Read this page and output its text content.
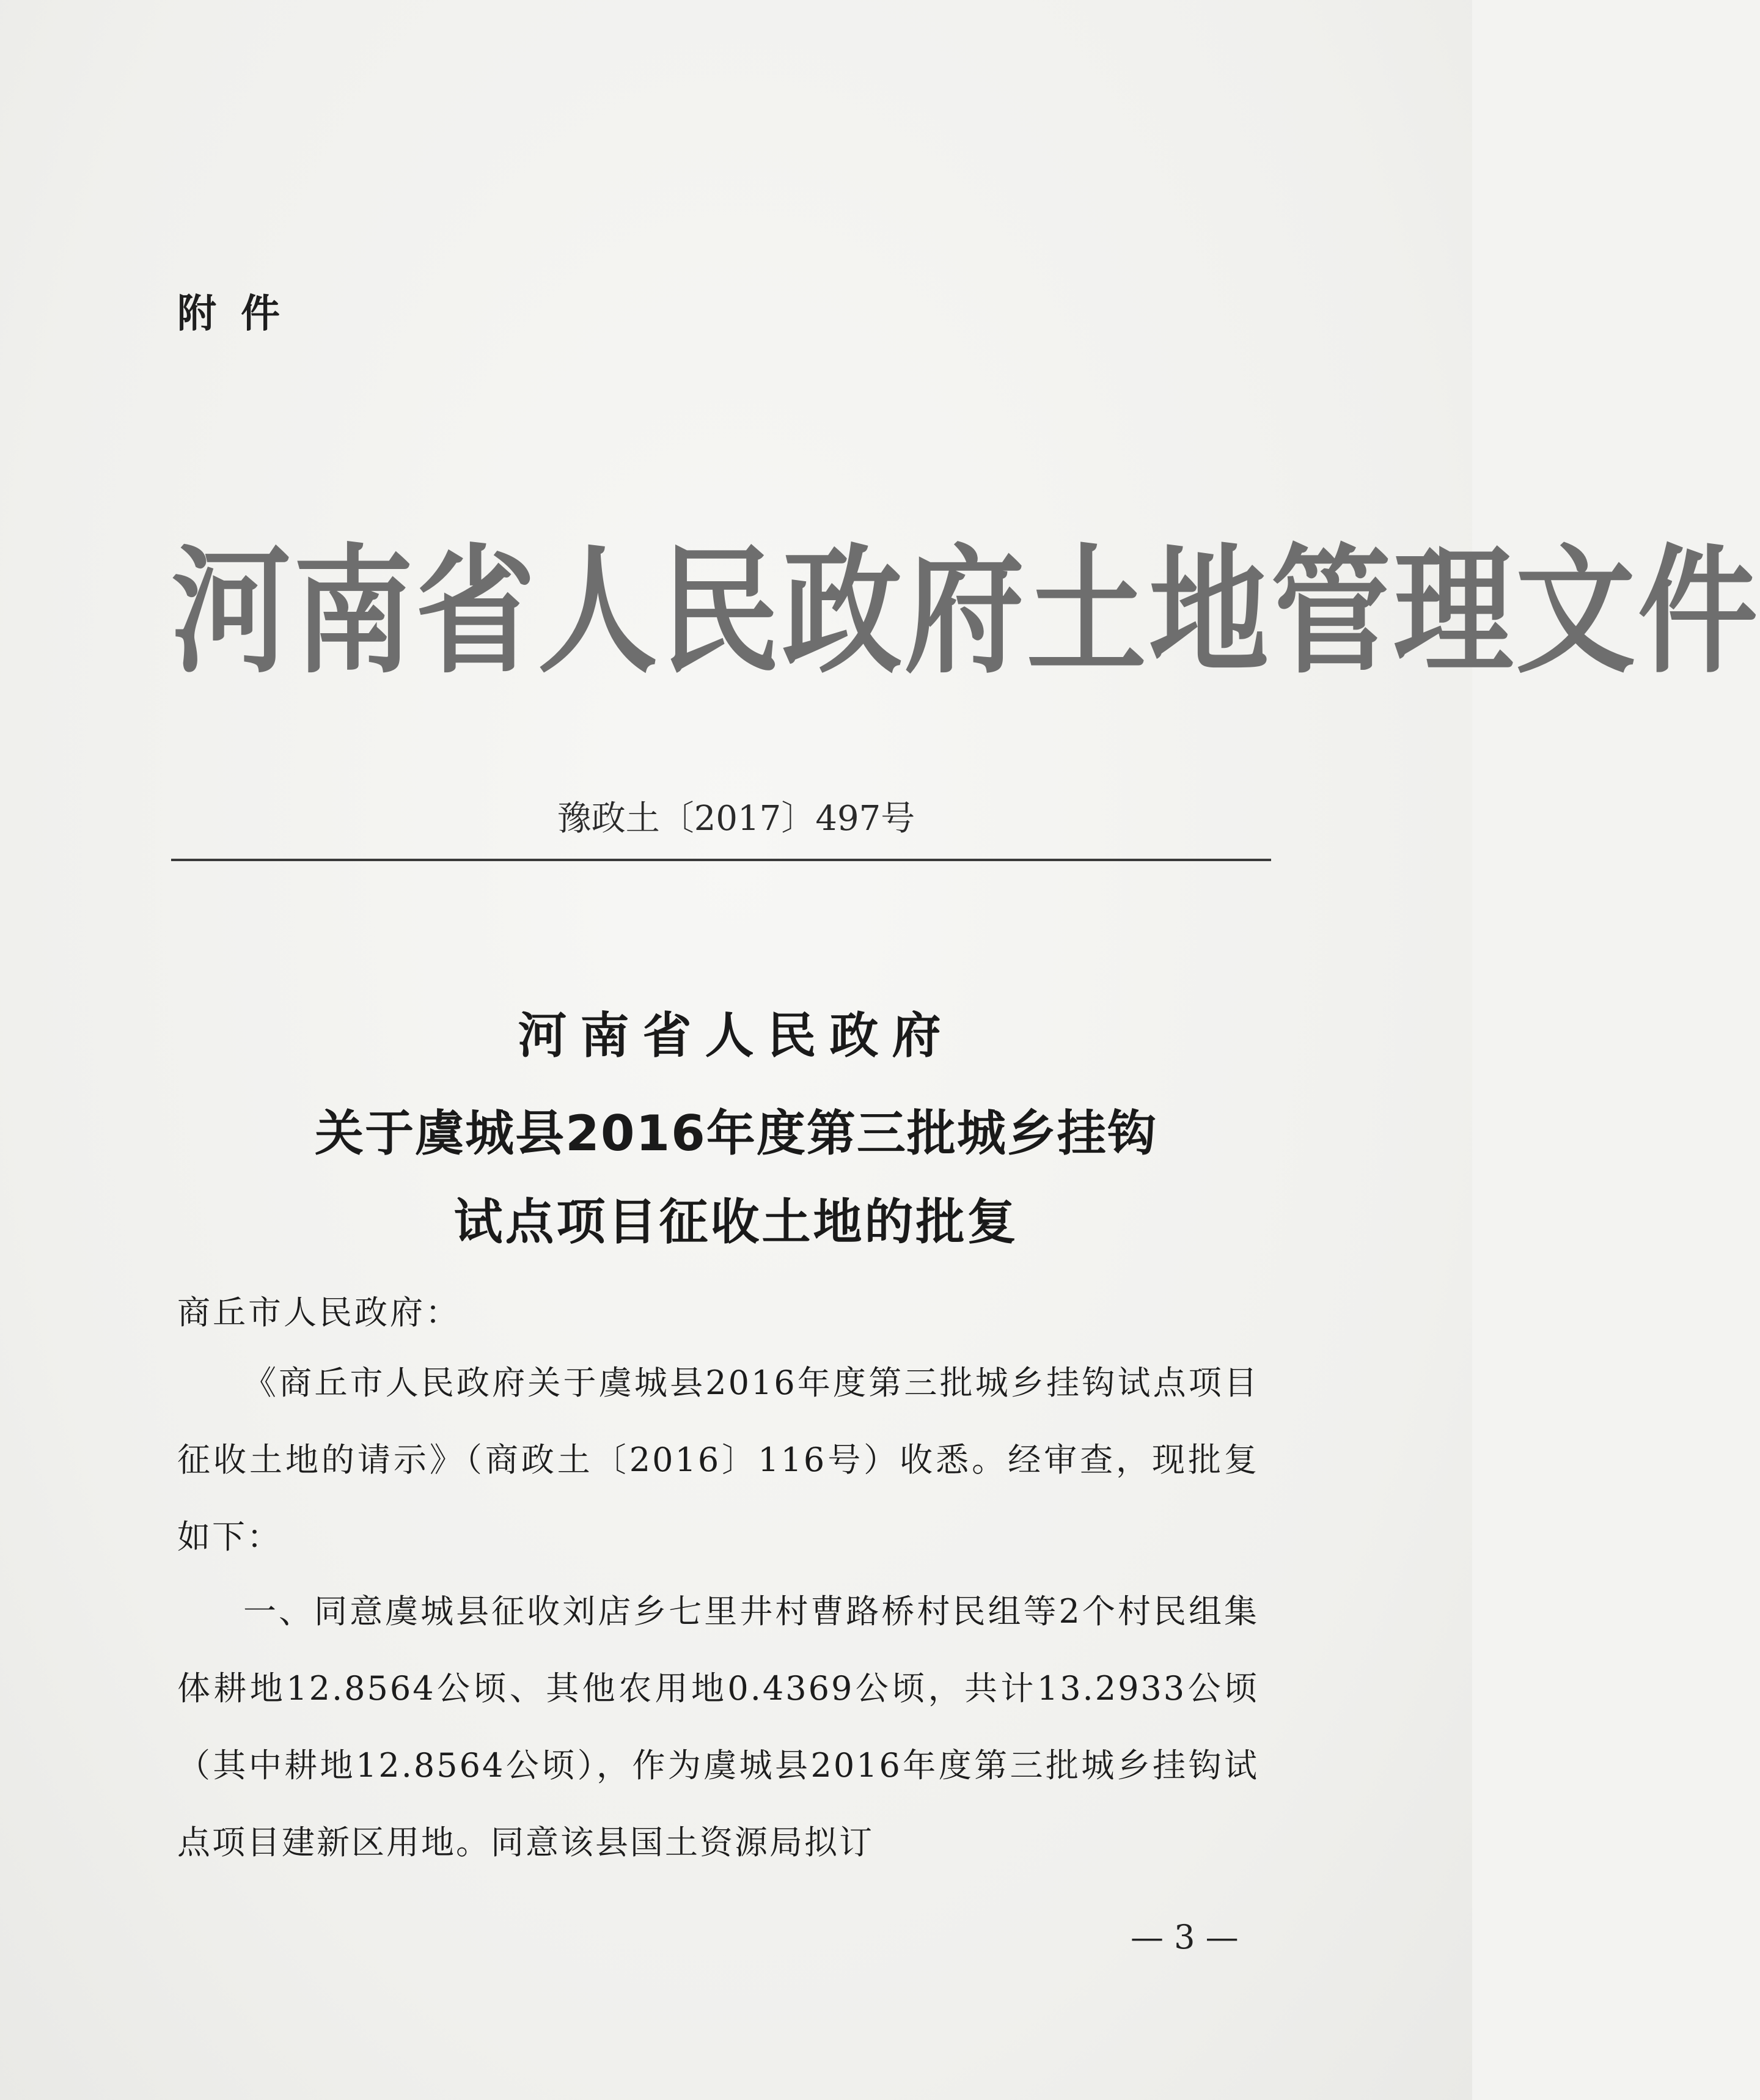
附件
河南省人民政府土地管理文件
豫政土〔2017〕497号
河南省人民政府
关于虞城县2016年度第三批城乡挂钩
试点项目征收土地的批复
商丘市人民政府：
《商丘市人民政府关于虞城县2016年度第三批城乡挂钩试点项目征收土地的请示》（商政土〔2016〕116号）收悉。经审查，现批复如下：
一、同意虞城县征收刘店乡七里井村曹路桥村民组等2个村民组集体耕地12.8564公顷、其他农用地0.4369公顷，共计13.2933公顷（其中耕地12.8564公顷），作为虞城县2016年度第三批城乡挂钩试点项目建新区用地。同意该县国土资源局拟订
— 3 —
